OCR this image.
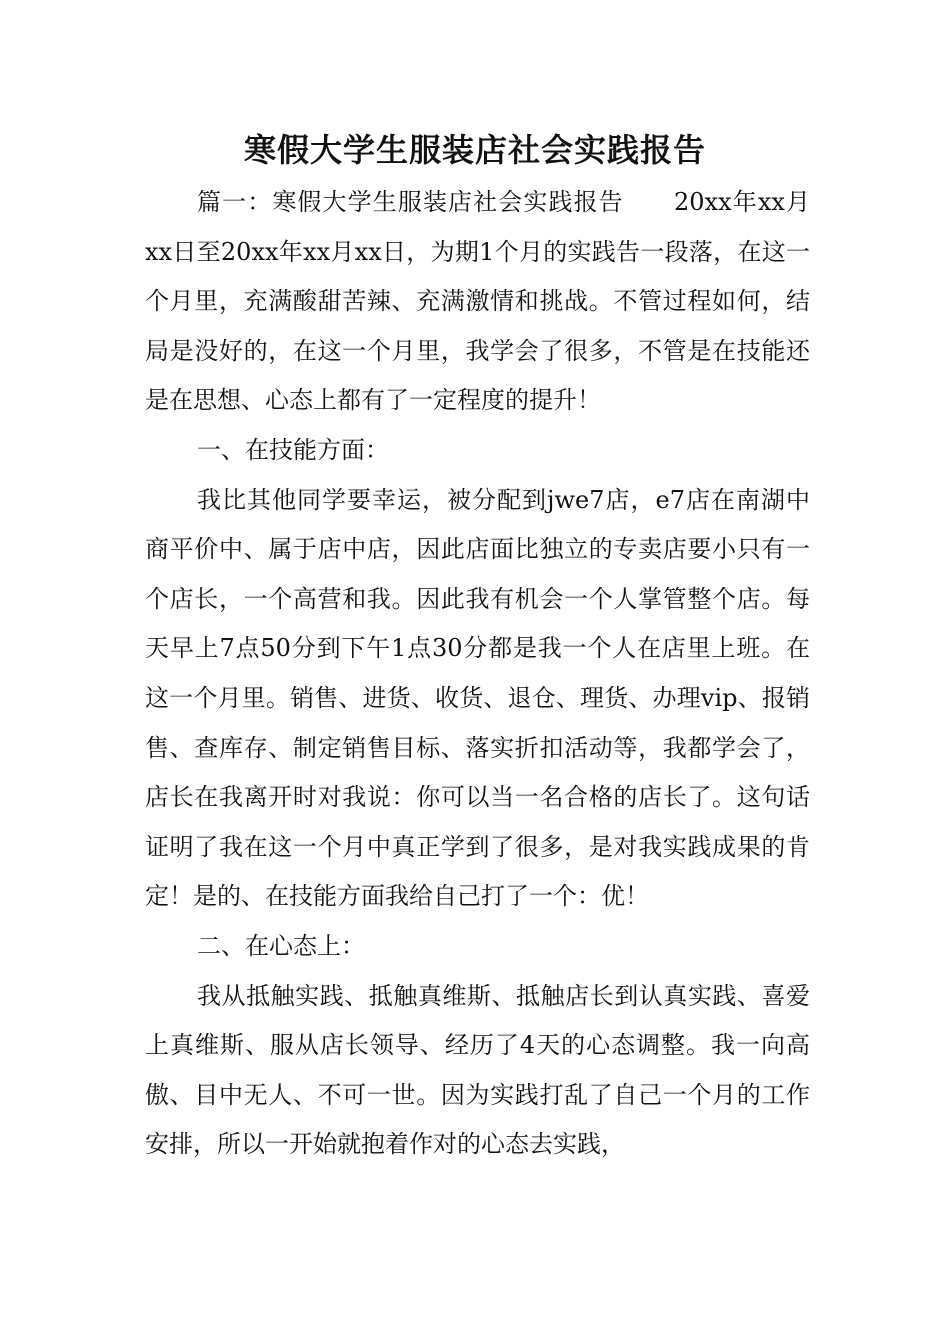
寒假大学生服装店社会实践报告

篇一：寒假大学生服装店社会实践报告　　20xx年xx月xx日至20xx年xx月xx日，为期1个月的实践告一段落，在这一个月里，充满酸甜苦辣、充满激情和挑战。不管过程如何，结局是没好的，在这一个月里，我学会了很多，不管是在技能还是在思想、心态上都有了一定程度的提升！

一、在技能方面：

我比其他同学要幸运，被分配到jwe7店，e7店在南湖中商平价中、属于店中店，因此店面比独立的专卖店要小只有一个店长，一个高营和我。因此我有机会一个人掌管整个店。每天早上7点50分到下午1点30分都是我一个人在店里上班。在这一个月里。销售、进货、收货、退仓、理货、办理vip、报销售、查库存、制定销售目标、落实折扣活动等，我都学会了，店长在我离开时对我说：你可以当一名合格的店长了。这句话证明了我在这一个月中真正学到了很多，是对我实践成果的肯定！是的、在技能方面我给自己打了一个：优！

二、在心态上：

我从抵触实践、抵触真维斯、抵触店长到认真实践、喜爱上真维斯、服从店长领导、经历了4天的心态调整。我一向高傲、目中无人、不可一世。因为实践打乱了自己一个月的工作安排，所以一开始就抱着作对的心态去实践，
